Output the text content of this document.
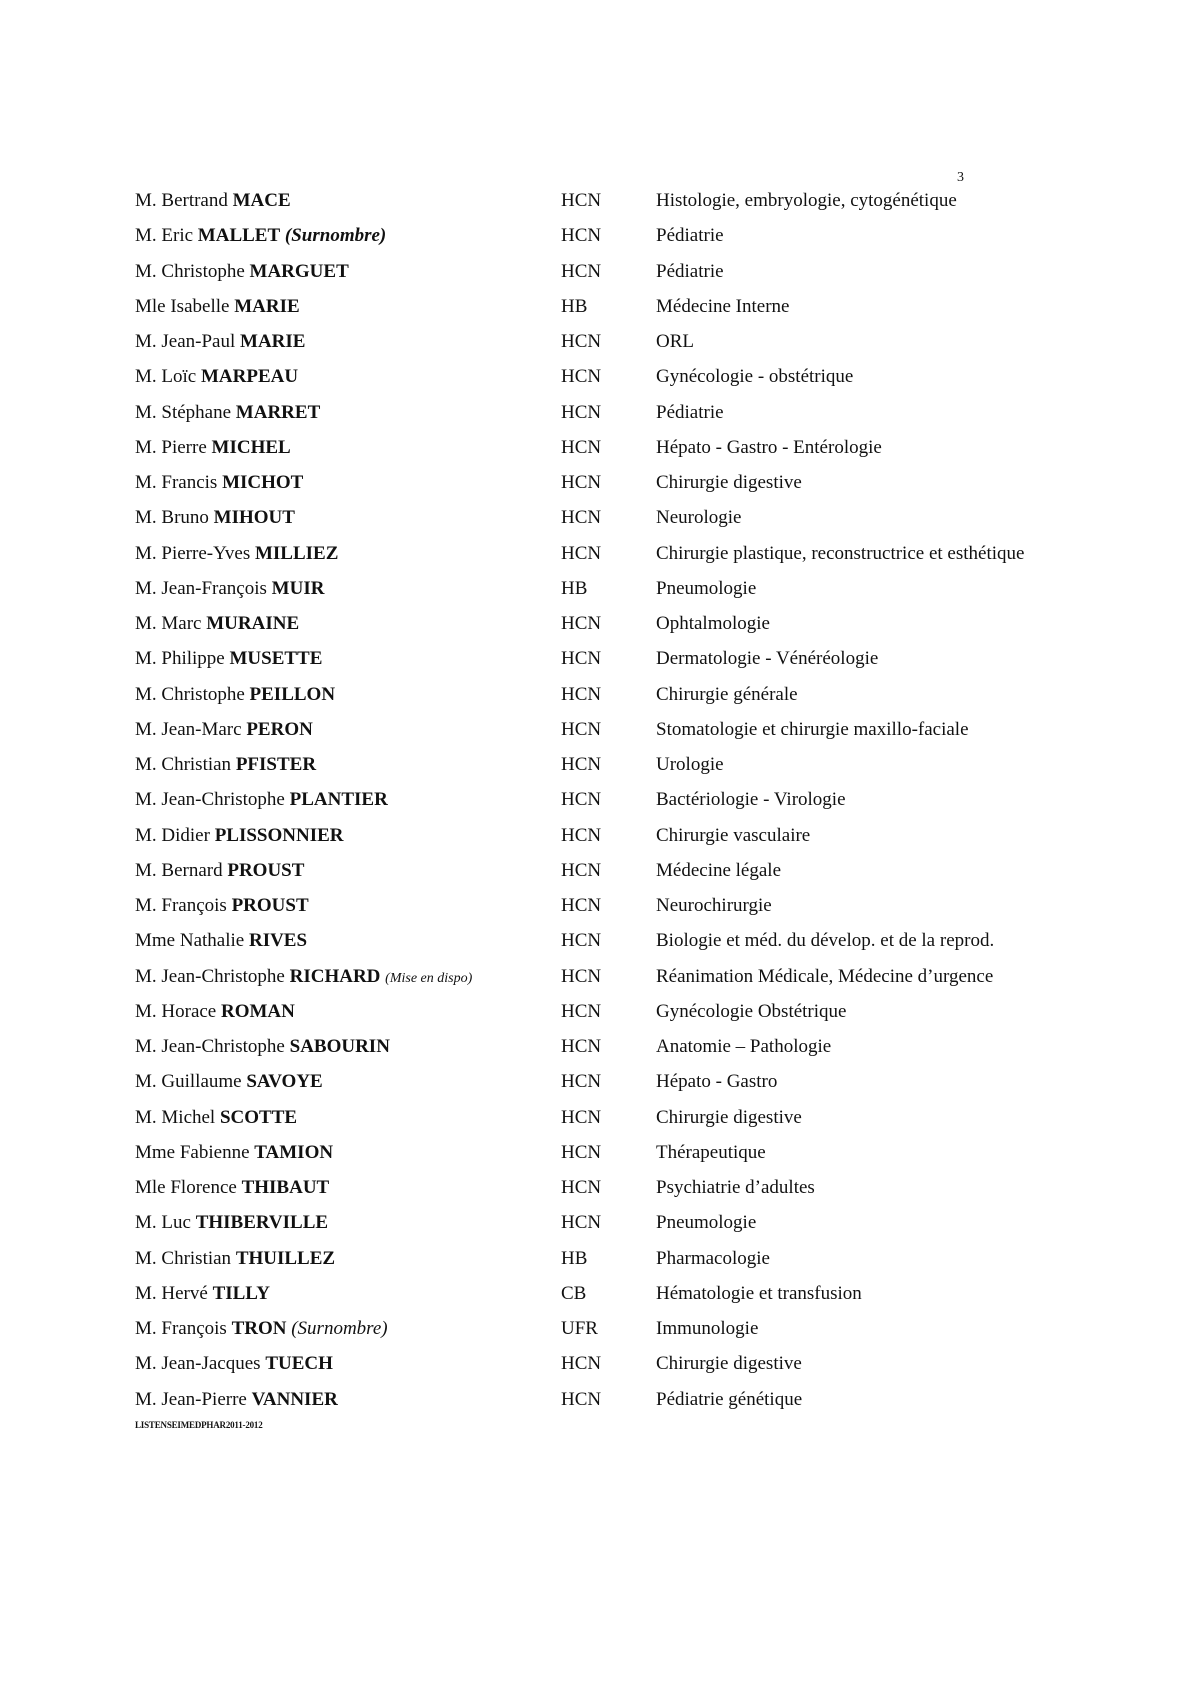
3
M. Bertrand MACE	HCN	Histologie, embryologie, cytogénétique
M. Eric MALLET (Surnombre)	HCN	Pédiatrie
M. Christophe MARGUET	HCN	Pédiatrie
Mle Isabelle MARIE	HB	Médecine Interne
M. Jean-Paul MARIE	HCN	ORL
M. Loïc MARPEAU	HCN	Gynécologie - obstétrique
M. Stéphane MARRET	HCN	Pédiatrie
M. Pierre MICHEL	HCN	Hépato - Gastro - Entérologie
M. Francis MICHOT	HCN	Chirurgie digestive
M. Bruno MIHOUT	HCN	Neurologie
M. Pierre-Yves MILLIEZ	HCN	Chirurgie plastique, reconstructrice et esthétique
M. Jean-François MUIR	HB	Pneumologie
M. Marc MURAINE	HCN	Ophtalmologie
M. Philippe MUSETTE	HCN	Dermatologie - Vénéréologie
M. Christophe PEILLON	HCN	Chirurgie générale
M. Jean-Marc PERON	HCN	Stomatologie et chirurgie maxillo-faciale
M. Christian PFISTER	HCN	Urologie
M. Jean-Christophe PLANTIER	HCN	Bactériologie - Virologie
M. Didier PLISSONNIER	HCN	Chirurgie vasculaire
M. Bernard PROUST	HCN	Médecine légale
M. François PROUST	HCN	Neurochirurgie
Mme Nathalie RIVES	HCN	Biologie et méd. du dévelop. et de la reprod.
M. Jean-Christophe RICHARD (Mise en dispo)	HCN	Réanimation Médicale, Médecine d’urgence
M. Horace ROMAN	HCN	Gynécologie Obstétrique
M. Jean-Christophe SABOURIN	HCN	Anatomie – Pathologie
M. Guillaume SAVOYE	HCN	Hépato - Gastro
M. Michel SCOTTE	HCN	Chirurgie digestive
Mme Fabienne TAMION	HCN	Thérapeutique
Mle Florence THIBAUT	HCN	Psychiatrie d’adultes
M. Luc THIBERVILLE	HCN	Pneumologie
M. Christian THUILLEZ	HB	Pharmacologie
M. Hervé TILLY	CB	Hématologie et transfusion
M. François TRON (Surnombre)	UFR	Immunologie
M. Jean-Jacques TUECH	HCN	Chirurgie digestive
M. Jean-Pierre VANNIER	HCN	Pédiatrie génétique
LISTENSEIMEDPHAR2011-2012
